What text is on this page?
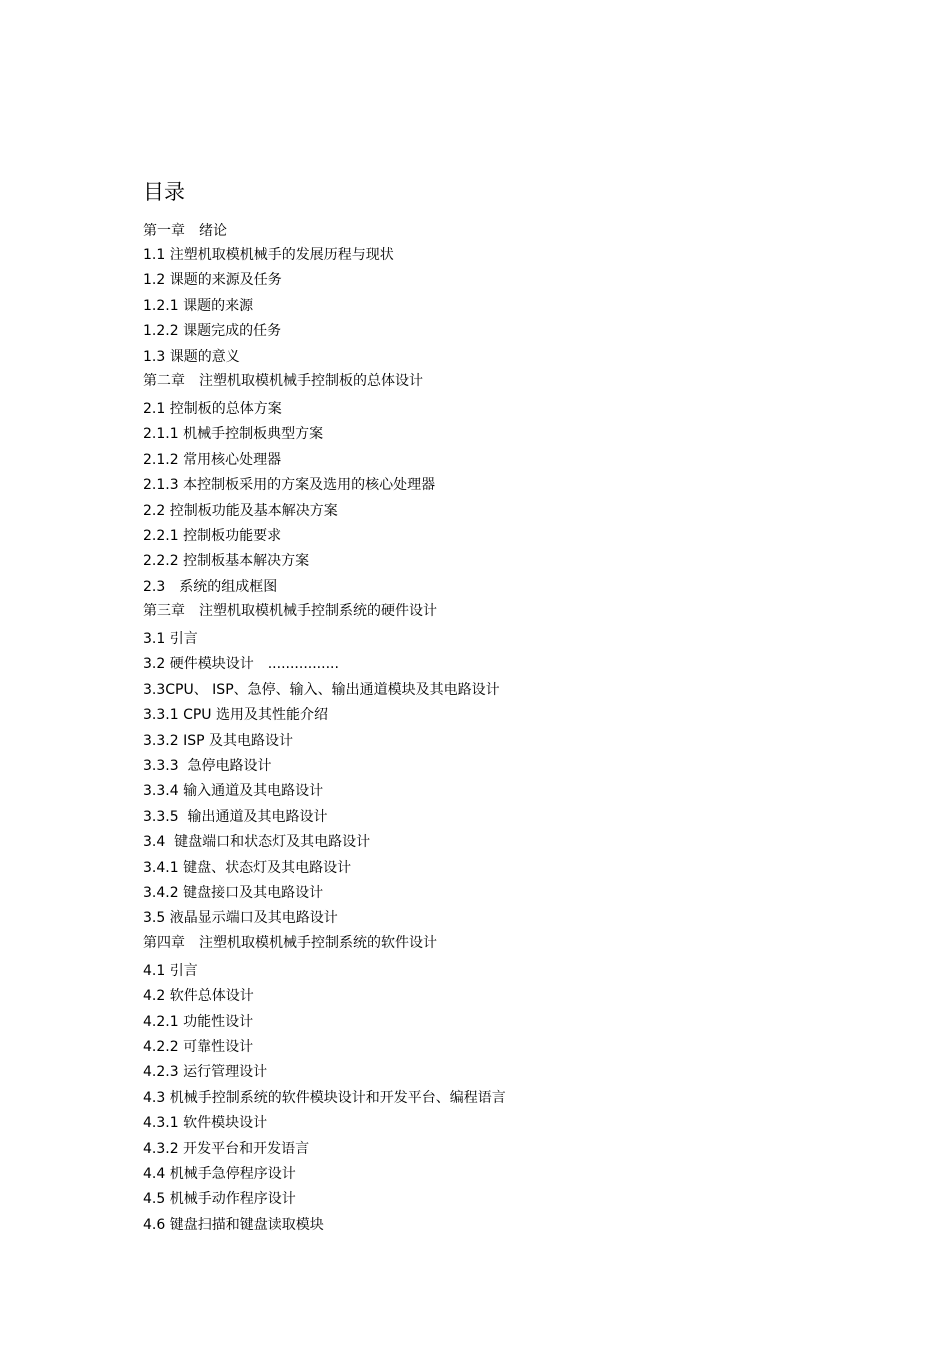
目录
第一章　绪论
1.1 注塑机取模机械手的发展历程与现状
1.2 课题的来源及任务
1.2.1 课题的来源
1.2.2 课题完成的任务
1.3 课题的意义
第二章　注塑机取模机械手控制板的总体设计
2.1 控制板的总体方案
2.1.1 机械手控制板典型方案
2.1.2 常用核心处理器
2.1.3 本控制板采用的方案及选用的核心处理器
2.2 控制板功能及基本解决方案
2.2.1 控制板功能要求
2.2.2 控制板基本解决方案
2.3　系统的组成框图
第三章　注塑机取模机械手控制系统的硬件设计
3.1 引言
3.2 硬件模块设计　................
3.3CPU、 ISP、急停、输入、输出通道模块及其电路设计
3.3.1 CPU 选用及其性能介绍
3.3.2 ISP 及其电路设计
3.3.3  急停电路设计
3.3.4 输入通道及其电路设计
3.3.5  输出通道及其电路设计
3.4  键盘端口和状态灯及其电路设计
3.4.1 键盘、状态灯及其电路设计
3.4.2 键盘接口及其电路设计
3.5 液晶显示端口及其电路设计
第四章　注塑机取模机械手控制系统的软件设计
4.1 引言
4.2 软件总体设计
4.2.1 功能性设计
4.2.2 可靠性设计
4.2.3 运行管理设计
4.3 机械手控制系统的软件模块设计和开发平台、编程语言
4.3.1 软件模块设计
4.3.2 开发平台和开发语言
4.4 机械手急停程序设计
4.5 机械手动作程序设计
4.6 键盘扫描和键盘读取模块
